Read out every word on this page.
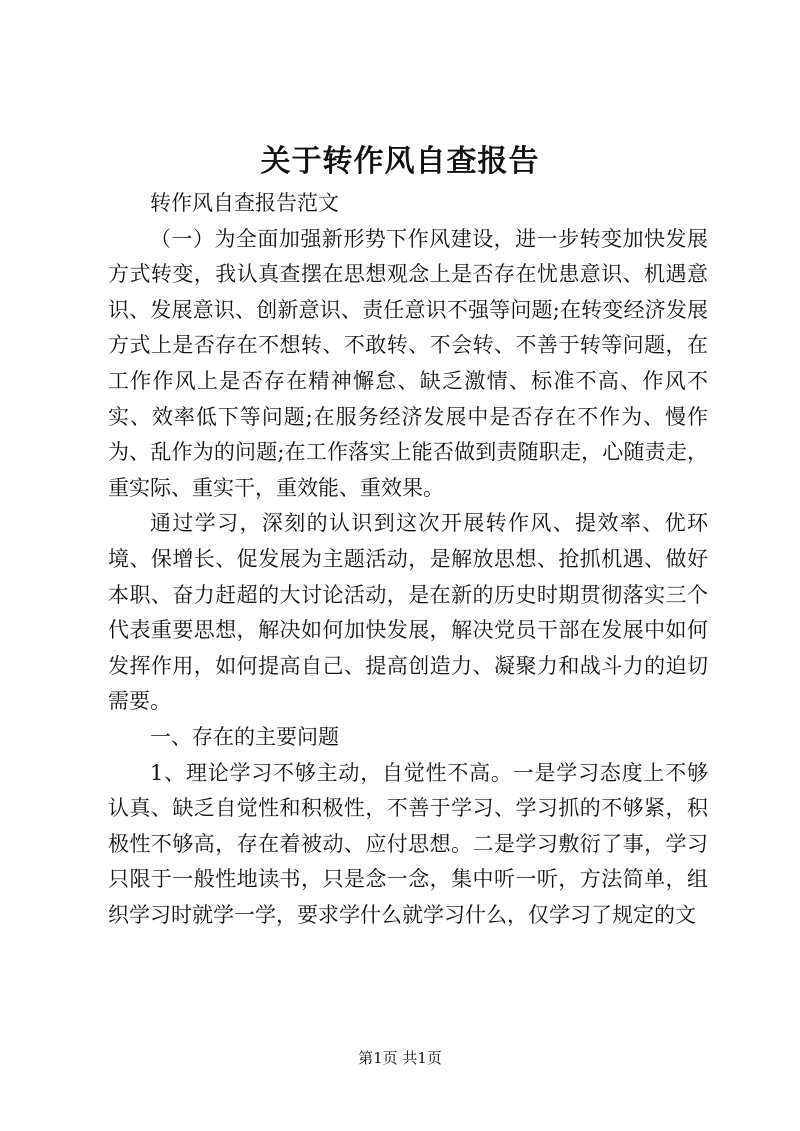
关于转作风自查报告

转作风自查报告范文

（一）为全面加强新形势下作风建设，进一步转变加快发展方式转变，我认真查摆在思想观念上是否存在忧患意识、机遇意识、发展意识、创新意识、责任意识不强等问题;在转变经济发展方式上是否存在不想转、不敢转、不会转、不善于转等问题，在工作作风上是否存在精神懈怠、缺乏激情、标准不高、作风不实、效率低下等问题;在服务经济发展中是否存在不作为、慢作为、乱作为的问题;在工作落实上能否做到责随职走，心随责走，重实际、重实干，重效能、重效果。

通过学习，深刻的认识到这次开展转作风、提效率、优环境、保增长、促发展为主题活动，是解放思想、抢抓机遇、做好本职、奋力赶超的大讨论活动，是在新的历史时期贯彻落实三个代表重要思想，解决如何加快发展，解决党员干部在发展中如何发挥作用，如何提高自己、提高创造力、凝聚力和战斗力的迫切需要。

一、存在的主要问题

1、理论学习不够主动，自觉性不高。一是学习态度上不够认真、缺乏自觉性和积极性，不善于学习、学习抓的不够紧，积极性不够高，存在着被动、应付思想。二是学习敷衍了事，学习只限于一般性地读书，只是念一念，集中听一听，方法简单，组织学习时就学一学，要求学什么就学习什么，仅学习了规定的文

第1页 共1页
